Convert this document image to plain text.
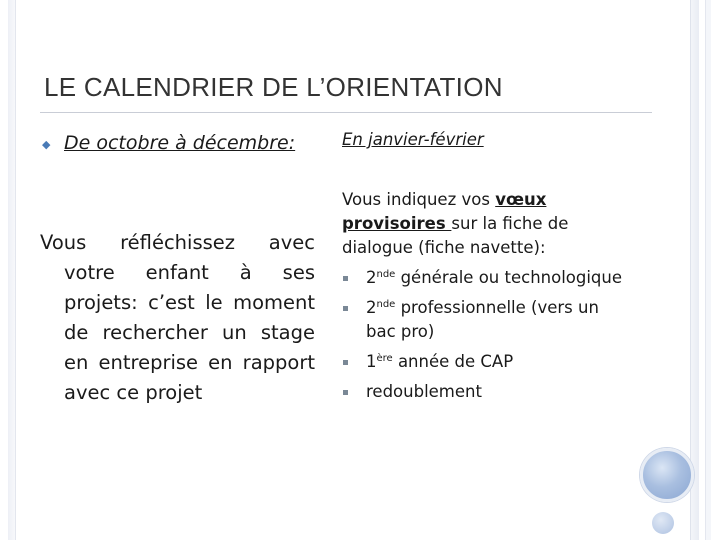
LE CALENDRIER DE L’ORIENTATION
◆ De octobre à décembre:

Vous réfléchissez avec votre enfant à ses projets: c’est le moment de rechercher un stage en entreprise en rapport avec ce projet

En janvier-février

Vous indiquez vos vœux provisoires sur la fiche de dialogue (fiche navette):

2nde générale ou technologique
2nde professionnelle (vers un bac pro)
1ère année de CAP
redoublement
